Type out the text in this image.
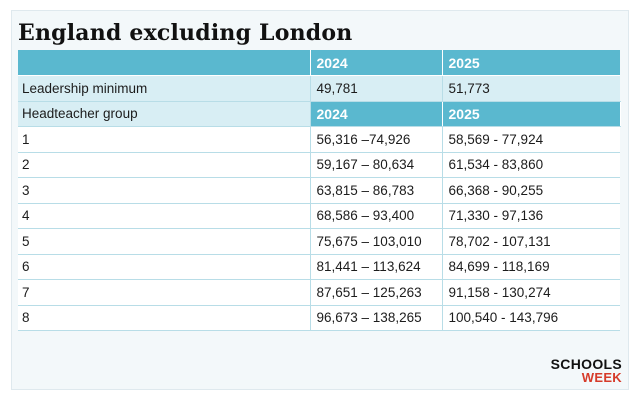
England excluding London
	2024	2025
Leadership minimum	49,781	51,773
Headteacher group	2024	2025
1	56,316 –74,926	58,569 - 77,924
2	59,167 – 80,634	61,534 - 83,860
3	63,815 – 86,783	66,368 - 90,255
4	68,586 – 93,400	71,330 - 97,136
5	75,675 – 103,010	78,702 - 107,131
6	81,441 – 113,624	84,699 - 118,169
7	87,651 – 125,263	91,158 - 130,274
8	96,673 – 138,265	100,540 - 143,796
SCHOOLS
WEEK
